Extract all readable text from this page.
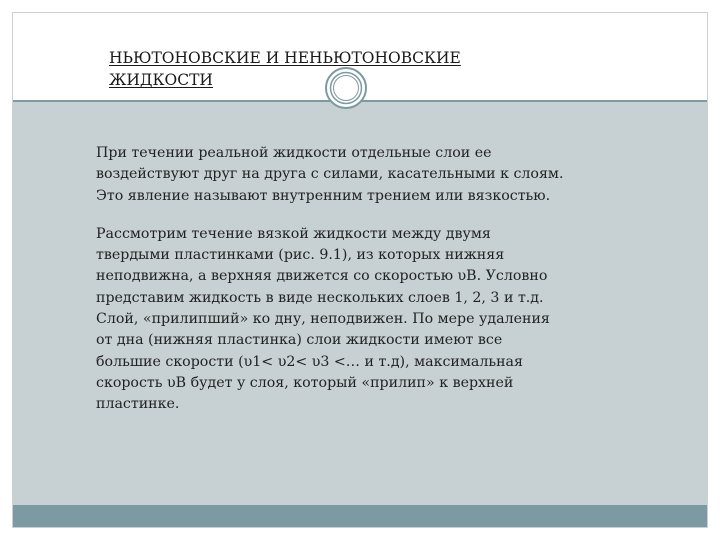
НЬЮТОНОВСКИЕ И НЕНЬЮТОНОВСКИЕ
ЖИДКОСТИ

При течении реальной жидкости отдельные слои ее
воздействуют друг на друга с силами, касательными к слоям.
Это явление называют внутренним трением или вязкостью.

Рассмотрим течение вязкой жидкости между двумя
твердыми пластинками (рис. 9.1), из которых нижняя
неподвижна, а верхняя движется со скоростью υВ. Условно
представим жидкость в виде нескольких слоев 1, 2, 3 и т.д.
Слой, «прилипший» ко дну, неподвижен. По мере удаления
от дна (нижняя пластинка) слои жидкости имеют все
большие скорости (υ1< υ2< υ3 <… и т.д), максимальная
скорость υВ будет у слоя, который «прилип» к верхней
пластинке.
